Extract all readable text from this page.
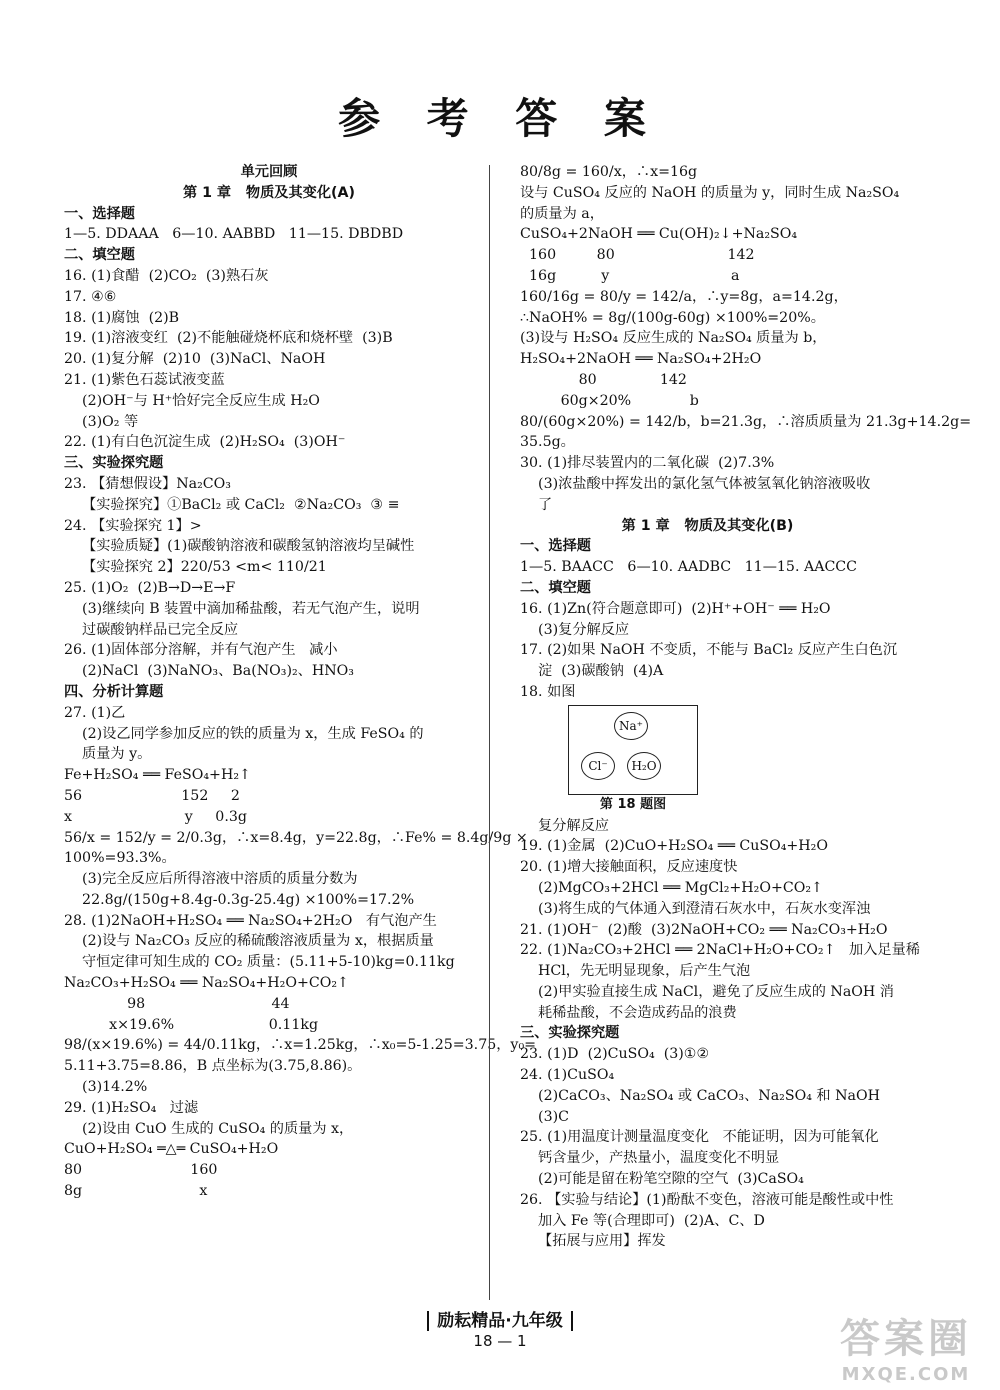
参 考 答 案
单元回顾
第 1 章   物质及其变化(A)
一、选择题
1—5. DDAAA   6—10. AABBD   11—15. DBDBD
二、填空题
16. (1)食醋  (2)CO₂  (3)熟石灰
17. ④⑥
18. (1)腐蚀  (2)B
19. (1)溶液变红  (2)不能触碰烧杯底和烧杯壁  (3)B
20. (1)复分解  (2)10  (3)NaCl、NaOH
21. (1)紫色石蕊试液变蓝
(2)OH⁻与 H⁺恰好完全反应生成 H₂O
(3)O₂ 等
22. (1)有白色沉淀生成  (2)H₂SO₄  (3)OH⁻
三、实验探究题
23. 【猜想假设】Na₂CO₃
【实验探究】①BaCl₂ 或 CaCl₂  ②Na₂CO₃  ③ ≡
24. 【实验探究 1】>
【实验质疑】(1)碳酸钠溶液和碳酸氢钠溶液均呈碱性
【实验探究 2】220/53 <m< 110/21
25. (1)O₂  (2)B→D→E→F
(3)继续向 B 装置中滴加稀盐酸，若无气泡产生，说明
过碳酸钠样品已完全反应
26. (1)固体部分溶解，并有气泡产生   减小
(2)NaCl  (3)NaNO₃、Ba(NO₃)₂、HNO₃
四、分析计算题
27. (1)乙
(2)设乙同学参加反应的铁的质量为 x，生成 FeSO₄ 的
质量为 y。
Fe+H₂SO₄ ══ FeSO₄+H₂↑
56                      152     2
x                         y     0.3g
56/x = 152/y = 2/0.3g，∴x=8.4g，y=22.8g，∴Fe% = 8.4g/9g ×
100%=93.3%。
(3)完全反应后所得溶液中溶质的质量分数为
22.8g/(150g+8.4g-0.3g-25.4g) ×100%=17.2%
28. (1)2NaOH+H₂SO₄ ══ Na₂SO₄+2H₂O   有气泡产生
(2)设与 Na₂CO₃ 反应的稀硫酸溶液质量为 x，根据质量
守恒定律可知生成的 CO₂ 质量：(5.11+5-10)kg=0.11kg
Na₂CO₃+H₂SO₄ ══ Na₂SO₄+H₂O+CO₂↑
98                            44
x×19.6%                     0.11kg
98/(x×19.6%) = 44/0.11kg，∴x=1.25kg，∴x₀=5-1.25=3.75，y₀=
5.11+3.75=8.86，B 点坐标为(3.75,8.86)。
(3)14.2%
29. (1)H₂SO₄   过滤
(2)设由 CuO 生成的 CuSO₄ 的质量为 x，
CuO+H₂SO₄ ═△═ CuSO₄+H₂O
80                        160
8g                          x
80/8g = 160/x，∴x=16g
设与 CuSO₄ 反应的 NaOH 的质量为 y，同时生成 Na₂SO₄
的质量为 a，
CuSO₄+2NaOH ══ Cu(OH)₂↓+Na₂SO₄
160         80                         142
16g          y                           a
160/16g = 80/y = 142/a，∴y=8g，a=14.2g，
∴NaOH% = 8g/(100g-60g) ×100%=20%。
(3)设与 H₂SO₄ 反应生成的 Na₂SO₄ 质量为 b，
H₂SO₄+2NaOH ══ Na₂SO₄+2H₂O
80              142
60g×20%             b
80/(60g×20%) = 142/b，b=21.3g，∴溶质质量为 21.3g+14.2g=
35.5g。
30. (1)排尽装置内的二氧化碳  (2)7.3%
(3)浓盐酸中挥发出的氯化氢气体被氢氧化钠溶液吸收
了
第 1 章   物质及其变化(B)
一、选择题
1—5. BAACC   6—10. AADBC   11—15. AACCC
二、填空题
16. (1)Zn(符合题意即可)  (2)H⁺+OH⁻ ══ H₂O
(3)复分解反应
17. (2)如果 NaOH 不变质，不能与 BaCl₂ 反应产生白色沉
淀  (3)碳酸钠  (4)A
18. 如图
Na⁺
Cl⁻	H₂O
第 18 题图
复分解反应
19. (1)金属  (2)CuO+H₂SO₄ ══ CuSO₄+H₂O
20. (1)增大接触面积，反应速度快
(2)MgCO₃+2HCl ══ MgCl₂+H₂O+CO₂↑
(3)将生成的气体通入到澄清石灰水中，石灰水变浑浊
21. (1)OH⁻  (2)酸  (3)2NaOH+CO₂ ══ Na₂CO₃+H₂O
22. (1)Na₂CO₃+2HCl ══ 2NaCl+H₂O+CO₂↑   加入足量稀
HCl，先无明显现象，后产生气泡
(2)甲实验直接生成 NaCl，避免了反应生成的 NaOH 消
耗稀盐酸，不会造成药品的浪费
三、实验探究题
23. (1)D  (2)CuSO₄  (3)①②
24. (1)CuSO₄
(2)CaCO₃、Na₂SO₄ 或 CaCO₃、Na₂SO₄ 和 NaOH
(3)C
25. (1)用温度计测量温度变化   不能证明，因为可能氧化
钙含量少，产热量小，温度变化不明显
(2)可能是留在粉笔空隙的空气  (3)CaSO₄
26. 【实验与结论】(1)酚酞不变色，溶液可能是酸性或中性
加入 Fe 等(合理即可)  (2)A、C、D
【拓展与应用】挥发
励耘精品·九年级
18 — 1	答案圈
MXQE.COM
